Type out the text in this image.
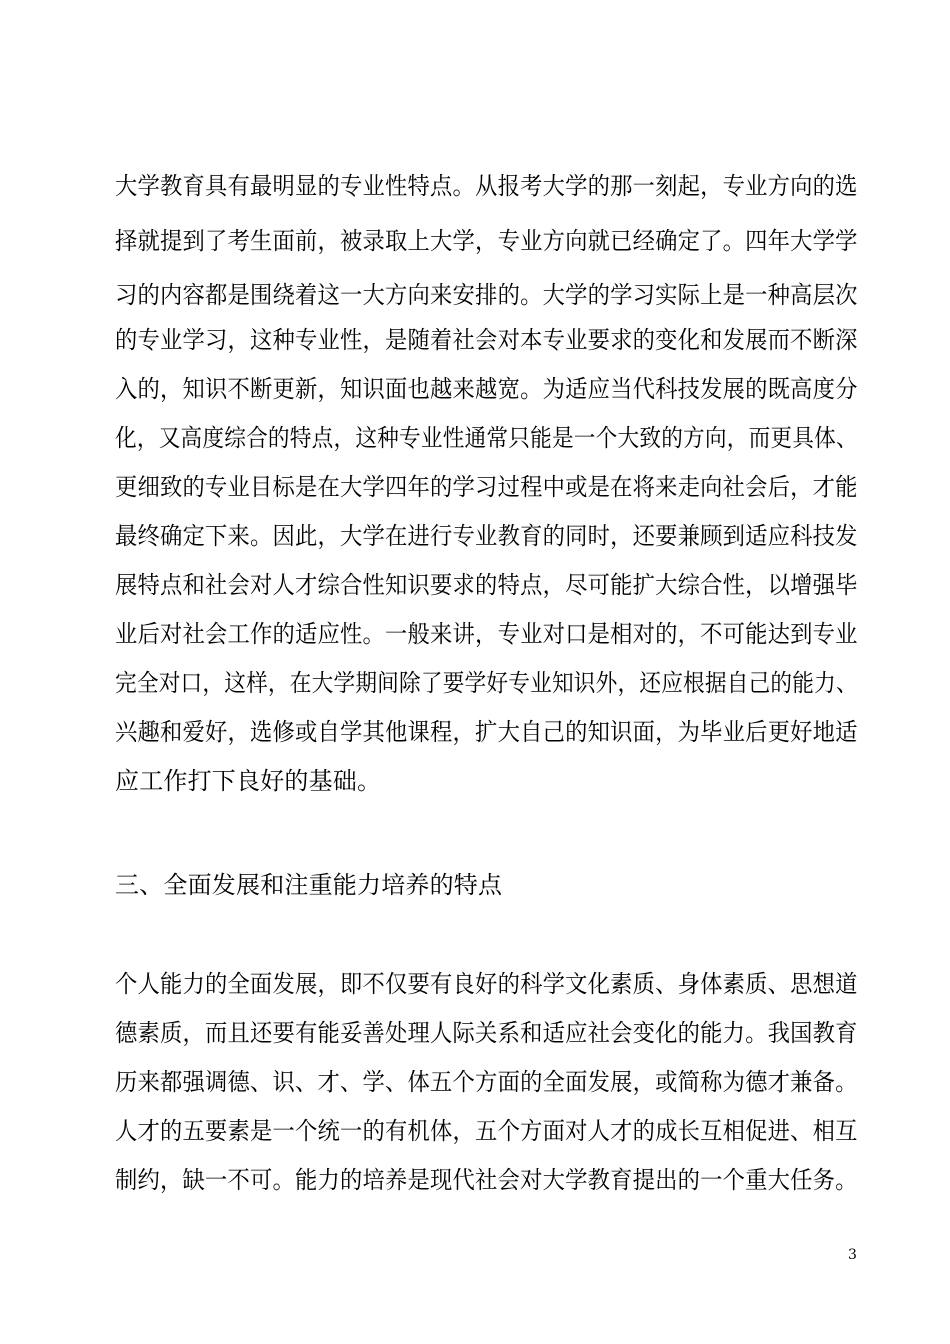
大学教育具有最明显的专业性特点。从报考大学的那一刻起，专业方向的选
择就提到了考生面前，被录取上大学，专业方向就已经确定了。四年大学学
习的内容都是围绕着这一大方向来安排的。大学的学习实际上是一种高层次
的专业学习，这种专业性，是随着社会对本专业要求的变化和发展而不断深
入的，知识不断更新，知识面也越来越宽。为适应当代科技发展的既高度分
化，又高度综合的特点，这种专业性通常只能是一个大致的方向，而更具体、
更细致的专业目标是在大学四年的学习过程中或是在将来走向社会后，才能
最终确定下来。因此，大学在进行专业教育的同时，还要兼顾到适应科技发
展特点和社会对人才综合性知识要求的特点，尽可能扩大综合性，以增强毕
业后对社会工作的适应性。一般来讲，专业对口是相对的，不可能达到专业
完全对口，这样，在大学期间除了要学好专业知识外，还应根据自己的能力、
兴趣和爱好，选修或自学其他课程，扩大自己的知识面，为毕业后更好地适
应工作打下良好的基础。
三、全面发展和注重能力培养的特点
个人能力的全面发展，即不仅要有良好的科学文化素质、身体素质、思想道
德素质，而且还要有能妥善处理人际关系和适应社会变化的能力。我国教育
历来都强调德、识、才、学、体五个方面的全面发展，或简称为德才兼备。
人才的五要素是一个统一的有机体，五个方面对人才的成长互相促进、相互
制约，缺一不可。能力的培养是现代社会对大学教育提出的一个重大任务。
3
